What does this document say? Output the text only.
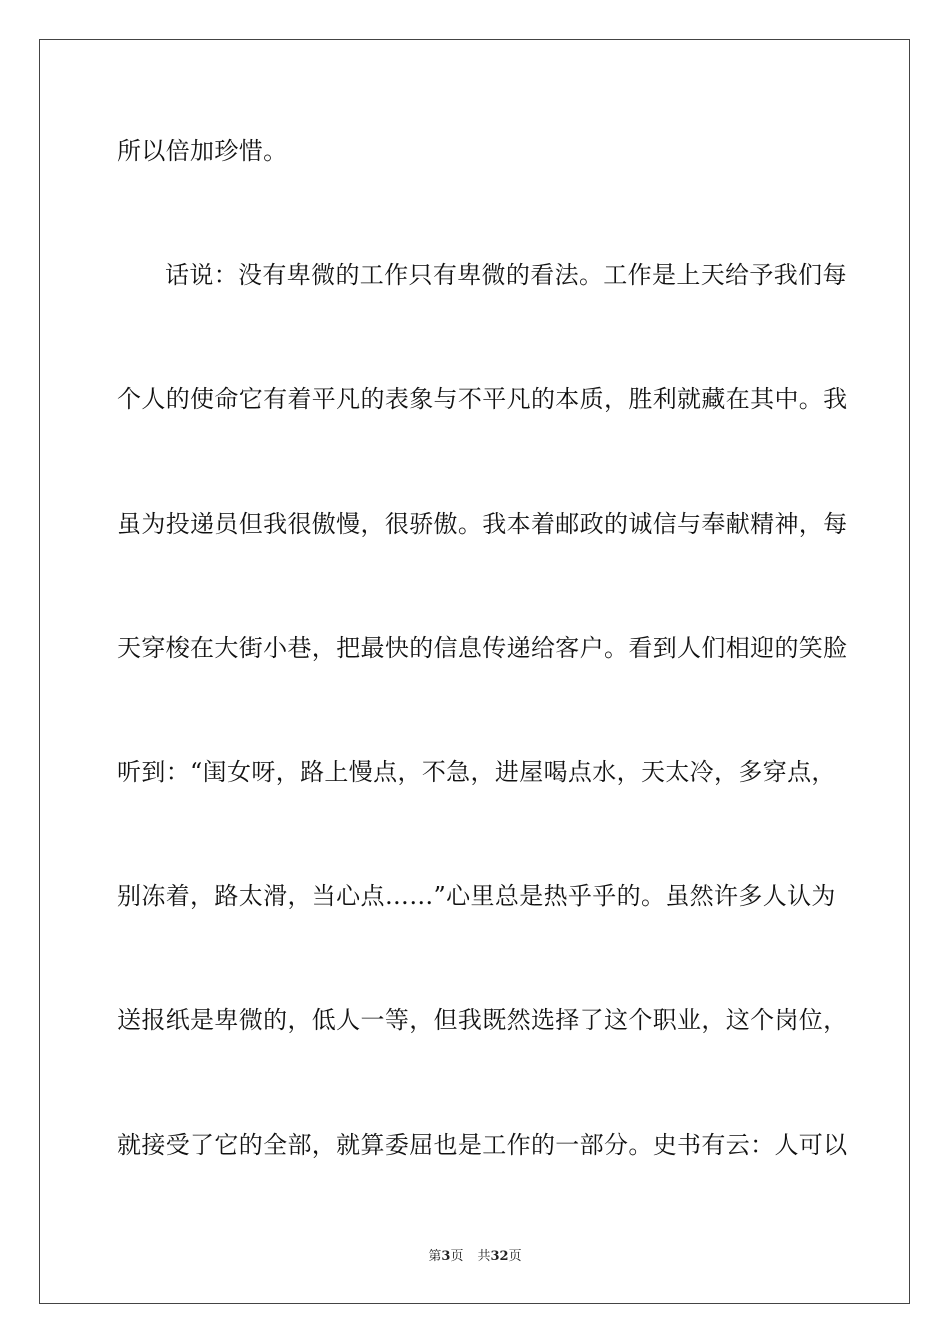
所以倍加珍惜。
话说：没有卑微的工作只有卑微的看法。工作是上天给予我们每
个人的使命它有着平凡的表象与不平凡的本质，胜利就藏在其中。我
虽为投递员但我很傲慢，很骄傲。我本着邮政的诚信与奉献精神，每
天穿梭在大街小巷，把最快的信息传递给客户。看到人们相迎的笑脸
听到：“闺女呀，路上慢点，不急，进屋喝点水，天太冷，多穿点，
别冻着，路太滑，当心点……”心里总是热乎乎的。虽然许多人认为
送报纸是卑微的，低人一等，但我既然选择了这个职业，这个岗位，
就接受了它的全部，就算委屈也是工作的一部分。史书有云：人可以
第3页 共32页
